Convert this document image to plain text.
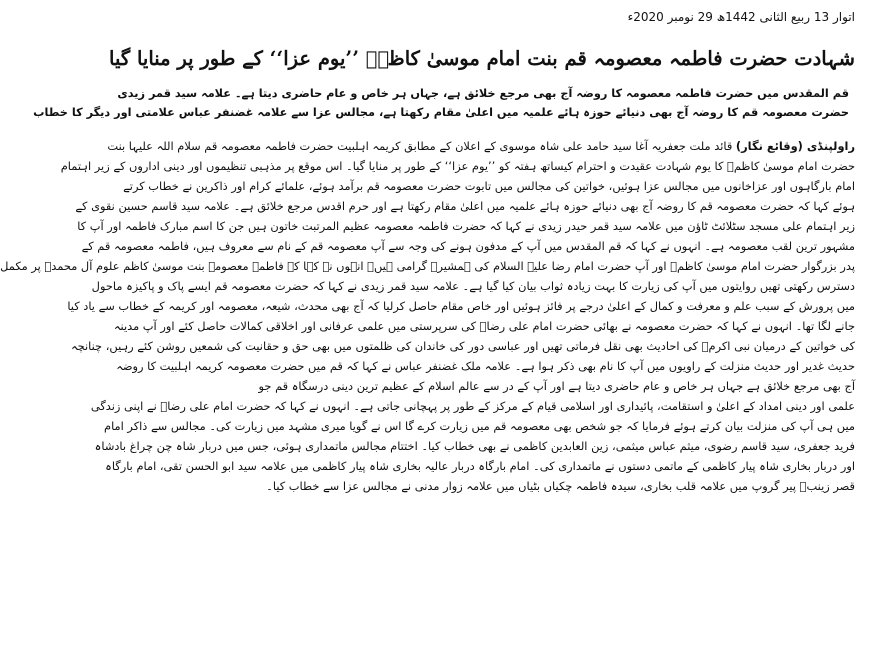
اتوار 13 ربیع الثانی 1442ھ 29 نومبر 2020ء
شہادت حضرت فاطمہ معصومہ قم بنت امام موسیٰ کاظمؑ ’’یوم عزا‘‘ کے طور پر منایا گیا
قم المقدس میں حضرت فاطمہ معصومہ کا روضہ آج بھی مرجع خلائق ہے، جہاں ہر خاص و عام حاضری دیتا ہے۔ علامہ سید قمر زیدی
حضرت معصومہ قم کا روضہ آج بھی دنیائے حوزہ ہائے علمیہ میں اعلیٰ مقام رکھتا ہے، مجالس عزا سے علامہ غضنفر عباس علامتی اور دیگر کا خطاب
راولپنڈی (وقائع نگار) قائد ملت جعفریہ آغا سید حامد علی شاہ موسوی کے اعلان کے مطابق کریمہ اہلبیت حضرت فاطمہ معصومہ قم سلام اللہ علیہا بنت
حضرت امام موسیٰ کاظمؑ کا یوم شہادت عقیدت و احترام کیساتھ ہفتہ کو ’’یوم عزا‘‘ کے طور پر منایا گیا۔ اس موقع پر مذہبی تنظیموں اور دینی اداروں کے زیر اہتمام
امام بارگاہوں اور عزاخانوں میں مجالس عزا ہوئیں، خواتین کی مجالس میں تابوت حضرت معصومہ قم برآمد ہوئے، علمائے کرام اور ذاکرین نے خطاب کرتے
ہوئے کہا کہ حضرت معصومہ قم کا روضہ آج بھی دنیائے حوزہ ہائے علمیہ میں اعلیٰ مقام رکھتا ہے اور حرم اقدس مرجع خلائق ہے۔ علامہ سید قاسم حسین نقوی کے
زیر اہتمام علی مسجد سٹلائٹ ٹاؤن میں علامہ سید قمر حیدر زیدی نے کہا کہ حضرت فاطمہ معصومہ عظیم المرتبت خاتون ہیں جن کا اسم مبارک فاطمہ اور آپ کا
مشہور ترین لقب معصومہ ہے۔ انہوں نے کہا کہ قم المقدس میں آپ کے مدفون ہونے کی وجہ سے آپ معصومہ قم کے نام سے معروف ہیں، فاطمہ معصومہ قم کے
پدر بزرگوار حضرت امام موسیٰ کاظمؑ اور آپ حضرت امام رضا علیہ السلام کی ہمشیرہ گرامی ہیں۔ انہوں نے کہا کہ فاطمہ معصومہ بنت موسیٰ کاظم علوم آل محمدؐ پر مکمل
دسترس رکھتی تھیں روایتوں میں آپ کی زیارت کا بہت زیادہ ثواب بیان کیا گیا ہے۔ علامہ سید قمر زیدی نے کہا کہ حضرت معصومہ قم ایسے پاک و پاکیزہ ماحول
میں پرورش کے سبب علم و معرفت و کمال کے اعلیٰ درجے پر فائز ہوئیں اور خاص مقام حاصل کرلیا کہ آج بھی محدث، شیعہ، معصومہ اور کریمہ کے خطاب سے یاد کیا
جانے لگا تھا۔ انہوں نے کہا کہ حضرت معصومہ نے بھائی حضرت امام علی رضاؑ کی سرپرستی میں علمی عرفانی اور اخلاقی کمالات حاصل کئے اور آپ مدینہ
کی خواتین کے درمیان نبی اکرمؐ کی احادیث بھی نقل فرماتی تھیں اور عباسی دور کی خاندان کی ظلمتوں میں بھی حق و حقانیت کی شمعیں روشن کئے رہیں، چنانچہ
حدیث غدیر اور حدیث منزلت کے راویوں میں آپ کا نام بھی ذکر ہوا ہے۔ علامہ ملک غضنفر عباس نے کہا کہ قم میں حضرت معصومہ کریمہ اہلبیت کا روضہ
آج بھی مرجع خلائق ہے جہاں ہر خاص و عام حاضری دیتا ہے اور آپ کے در سے عالم اسلام کے عظیم ترین دینی درسگاہ قم جو
علمی اور دینی امداد کے اعلیٰ و استقامت، پائیداری اور اسلامی قیام کے مرکز کے طور پر پہچانی جاتی ہے۔ انہوں نے کہا کہ حضرت امام علی رضاؑ نے اپنی زندگی
میں ہی آپ کی منزلت بیان کرتے ہوئے فرمایا کہ جو شخص بھی معصومہ قم میں زیارت کرے گا اس نے گویا میری مشہد میں زیارت کی۔ مجالس سے ذاکر امام
فرید جعفری، سید قاسم رضوی، میثم عباس میثمی، زین العابدین کاظمی نے بھی خطاب کیا۔ اختتام مجالس ماتمداری ہوئی، جس میں دربار شاہ چن چراغ بادشاہ
اور دربار بخاری شاہ پیار کاظمی کے ماتمی دستوں نے ماتمداری کی۔ امام بارگاہ دربار عالیہ بخاری شاہ پیار کاظمی میں علامہ سید ابو الحسن تقی، امام بارگاہ
قصر زینبؑ پیر گروپ میں علامہ قلب بخاری، سیدہ فاطمہ چکیاں بٹیاں میں علامہ زوار مدنی نے مجالس عزا سے خطاب کیا۔
